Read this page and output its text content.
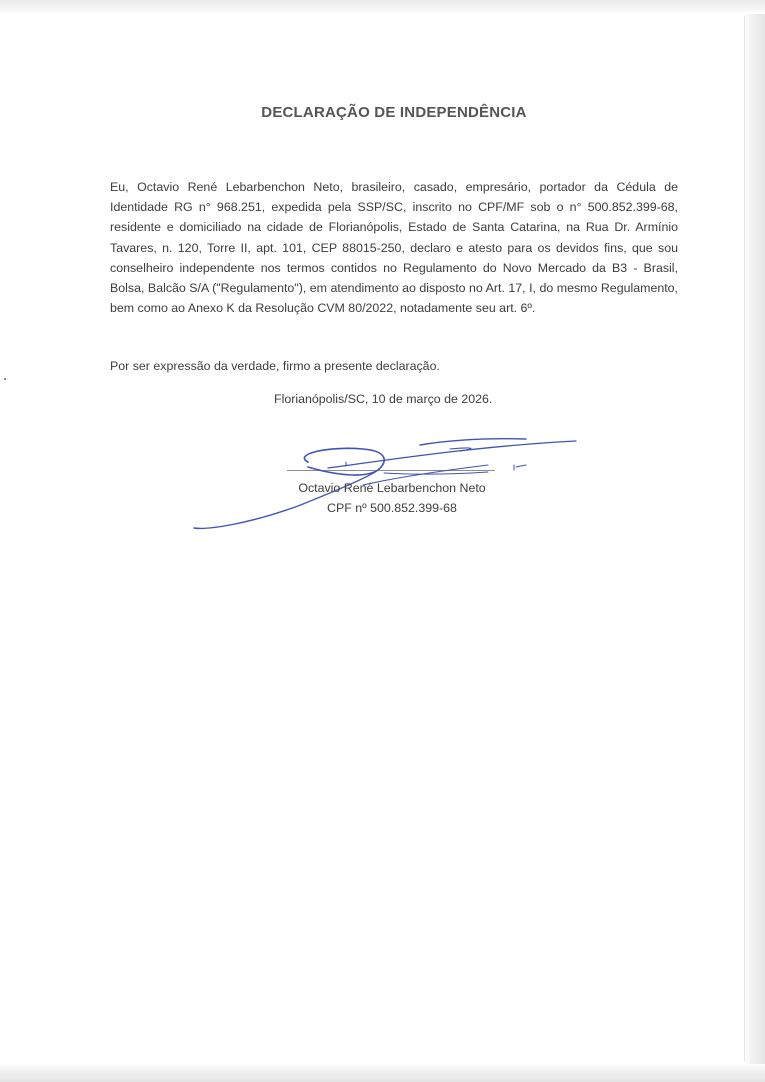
DECLARAÇÃO DE INDEPENDÊNCIA

Eu, Octavio René Lebarbenchon Neto, brasileiro, casado, empresário, portador da Cédula de Identidade RG n° 968.251, expedida pela SSP/SC, inscrito no CPF/MF sob o n° 500.852.399-68, residente e domiciliado na cidade de Florianópolis, Estado de Santa Catarina, na Rua Dr. Armínio Tavares, n. 120, Torre II, apt. 101, CEP 88015-250, declaro e atesto para os devidos fins, que sou conselheiro independente nos termos contidos no Regulamento do Novo Mercado da B3 - Brasil, Bolsa, Balcão S/A ("Regulamento"), em atendimento ao disposto no Art. 17, I, do mesmo Regulamento, bem como ao Anexo K da Resolução CVM 80/2022, notadamente seu art. 6º.

Por ser expressão da verdade, firmo a presente declaração.

Florianópolis/SC, 10 de março de 2026.
Octavio René Lebarbenchon Neto
CPF nº 500.852.399-68
